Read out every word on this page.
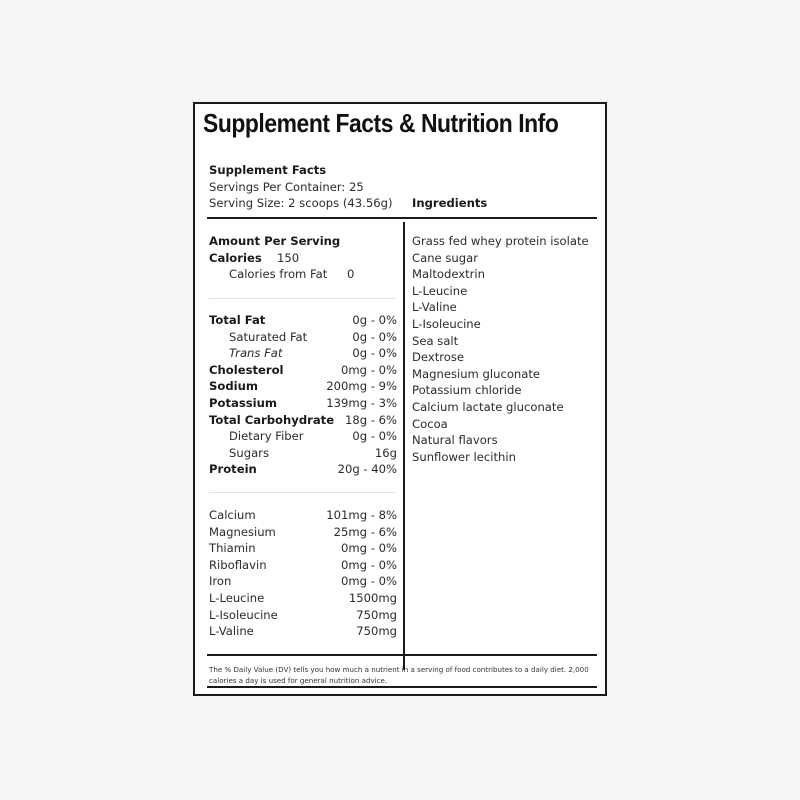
Supplement Facts & Nutrition Info
Supplement Facts
Servings Per Container: 25
Serving Size: 2 scoops (43.56g) Ingredients
Amount Per Serving
Calories 150
Calories from Fat 0
Total Fat	0g - 0%
Saturated Fat	0g - 0%
Trans Fat	0g - 0%
Cholesterol	0mg - 0%
Sodium	200mg - 9%
Potassium	139mg - 3%
Total Carbohydrate 18g - 6%
Dietary Fiber	0g - 0%
Sugars	16g
Protein	20g - 40%
Calcium	101mg - 8%
Magnesium	25mg - 6%
Thiamin	0mg - 0%
Riboflavin	0mg - 0%
Iron	0mg - 0%
L-Leucine	1500mg
L-Isoleucine	750mg
L-Valine	750mg
Grass fed whey protein isolate
Cane sugar
Maltodextrin
L-Leucine
L-Valine
L-Isoleucine
Sea salt
Dextrose
Magnesium gluconate
Potassium chloride
Calcium lactate gluconate
Cocoa
Natural flavors
Sunflower lecithin
The % Daily Value (DV) tells you how much a nutrient in a serving of food contributes to a daily diet. 2,000 calories a day is used for general nutrition advice.
